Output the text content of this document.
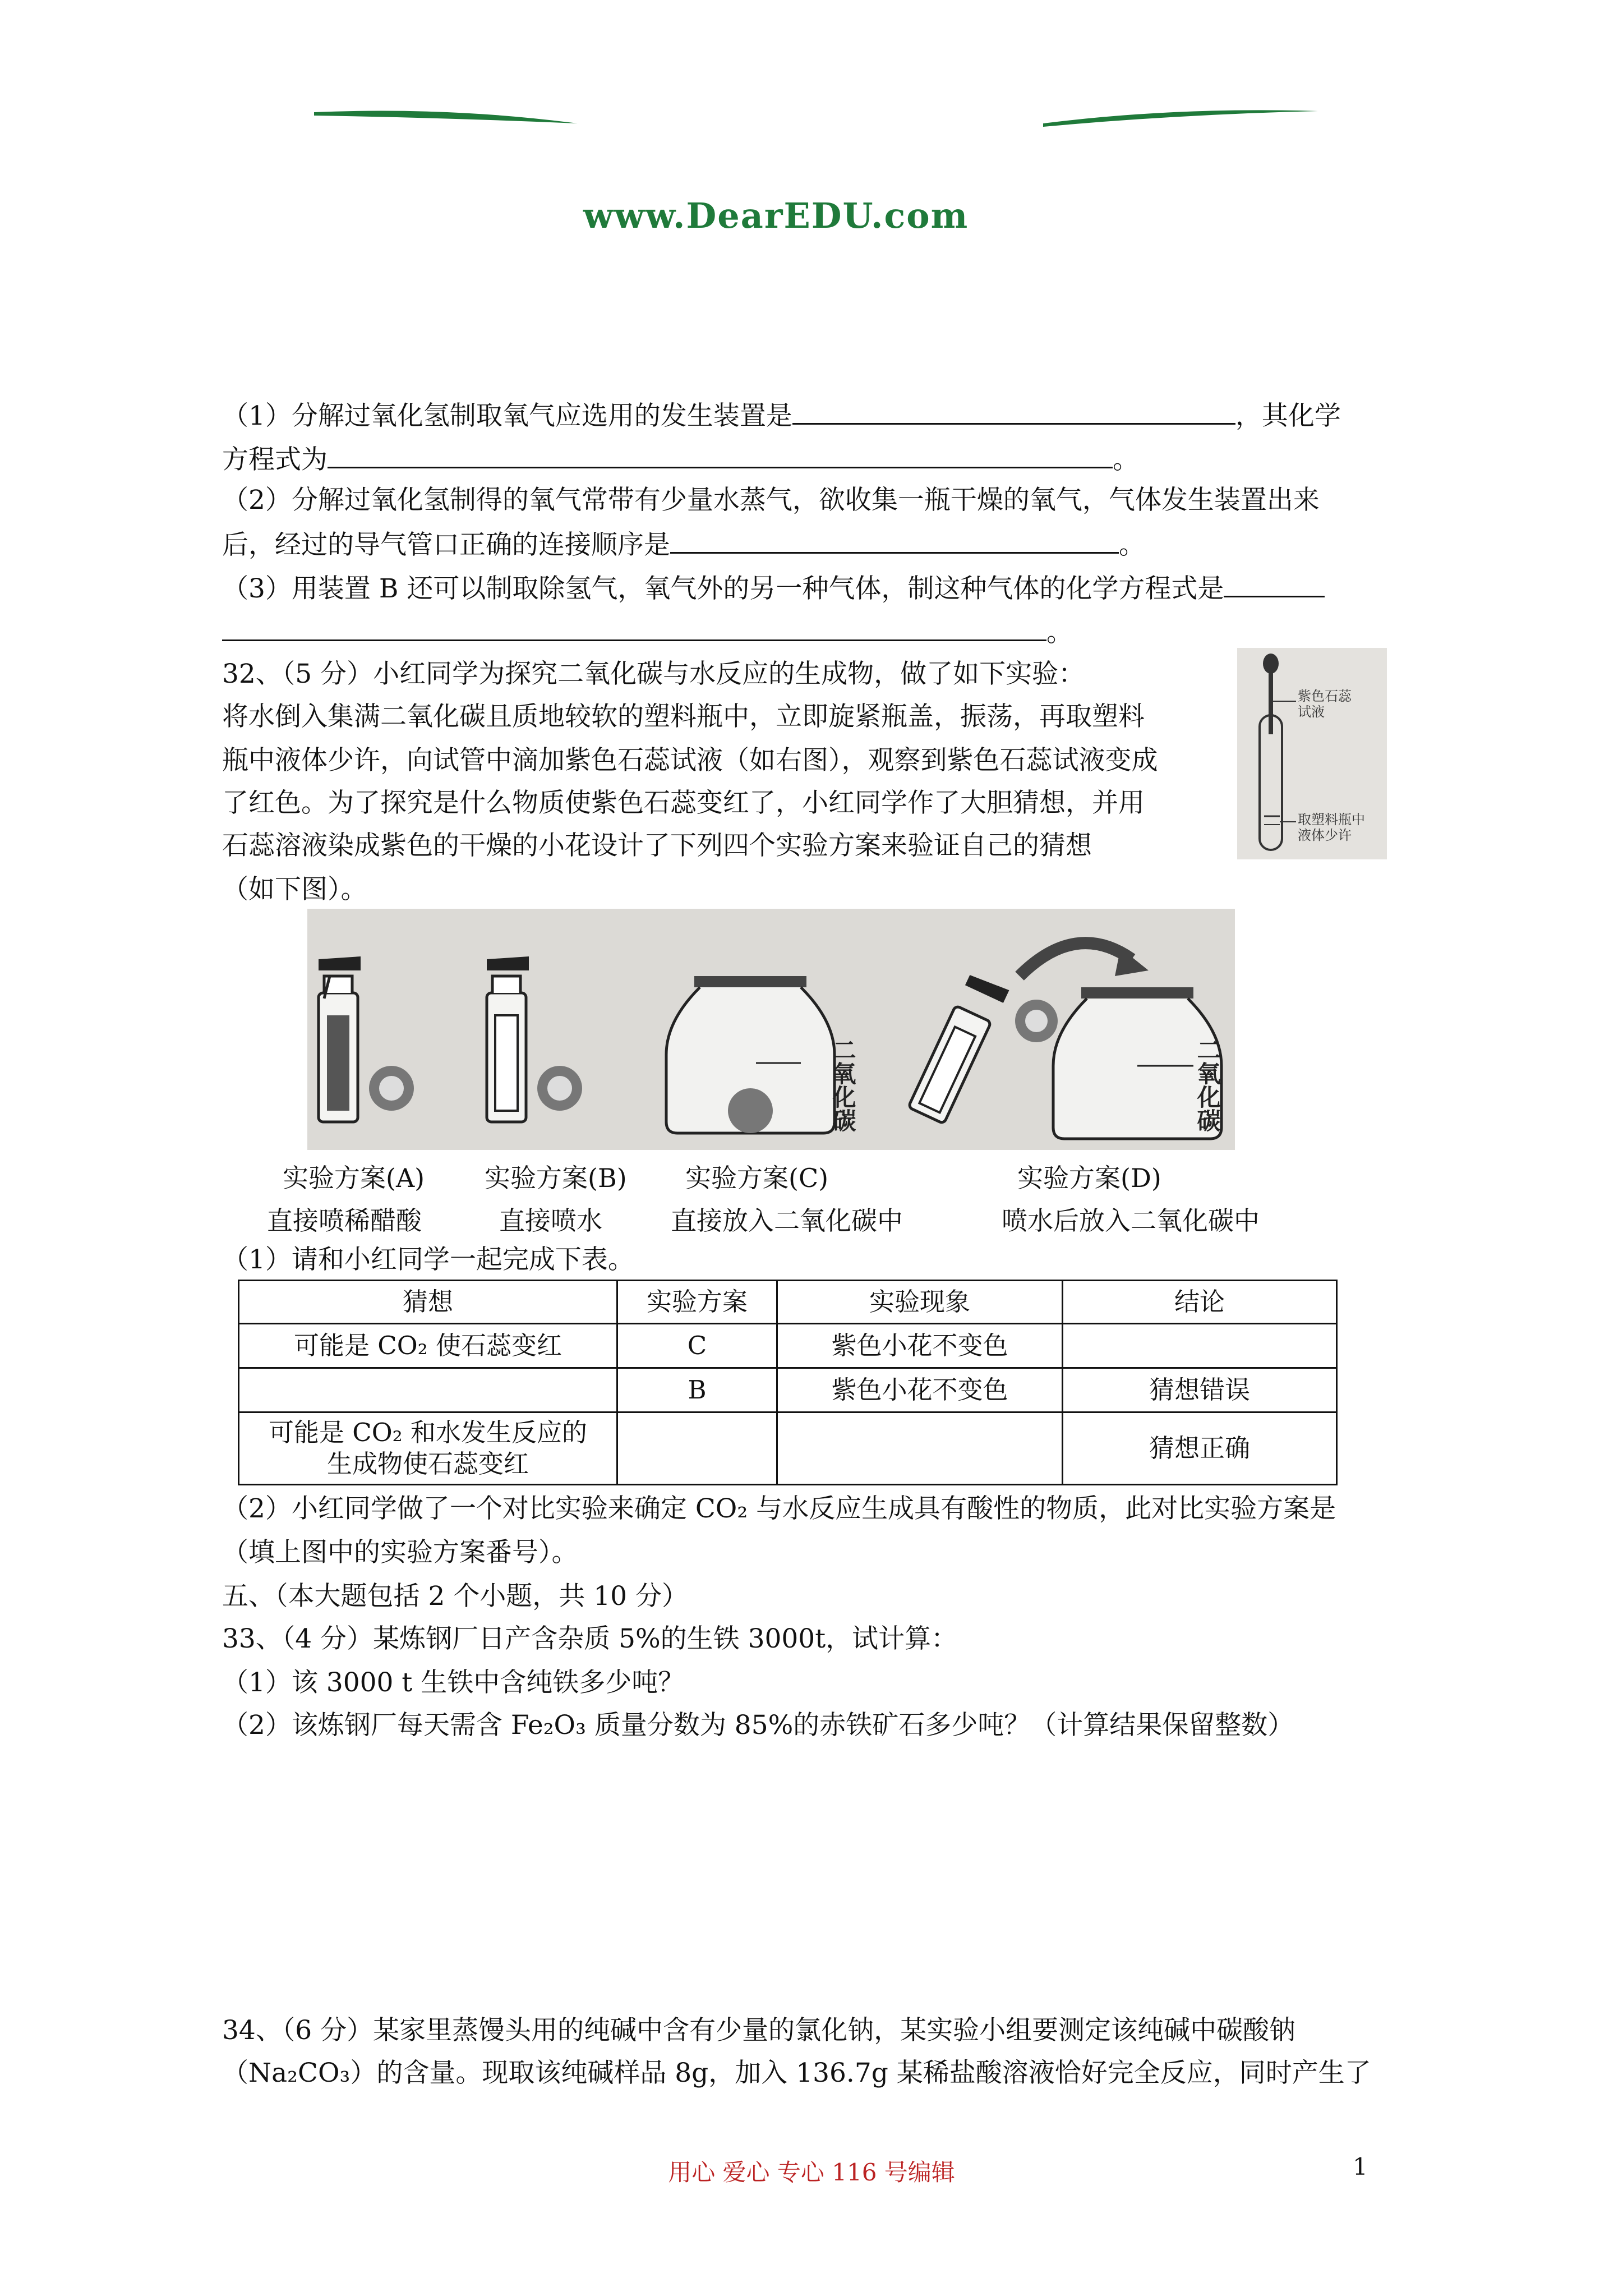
www.DearEDU.com
（1）分解过氧化氢制取氧气应选用的发生装置是	，其化学
方程式为	。
（2）分解过氧化氢制得的氧气常带有少量水蒸气，欲收集一瓶干燥的氧气，气体发生装置出来
后，经过的导气管口正确的连接顺序是	。
（3）用装置 B 还可以制取除氢气，氧气外的另一种气体，制这种气体的化学方程式是
。
32、（5 分）小红同学为探究二氧化碳与水反应的生成物，做了如下实验：
将水倒入集满二氧化碳且质地较软的塑料瓶中，立即旋紧瓶盖，振荡，再取塑料
瓶中液体少许，向试管中滴加紫色石蕊试液（如右图），观察到紫色石蕊试液变成
了红色。为了探究是什么物质使紫色石蕊变红了，小红同学作了大胆猜想，并用
石蕊溶液染成紫色的干燥的小花设计了下列四个实验方案来验证自己的猜想
（如下图）。
紫色石蕊
试液
取塑料瓶中
液体少许
二氧化碳	二氧化碳
实验方案(A) 实验方案(B) 实验方案(C)	实验方案(D)
直接喷稀醋酸	直接喷水	直接放入二氧化碳中	喷水后放入二氧化碳中
（1）请和小红同学一起完成下表。
猜想	实验方案	实验现象	结论
可能是 CO₂ 使石蕊变红	C	紫色小花不变色	
	B	紫色小花不变色	猜想错误
可能是 CO₂ 和水发生反应的生成物使石蕊变红			猜想正确
（2）小红同学做了一个对比实验来确定 CO₂ 与水反应生成具有酸性的物质，此对比实验方案是
（填上图中的实验方案番号）。
五、（本大题包括 2 个小题，共 10 分）
33、（4 分）某炼钢厂日产含杂质 5%的生铁 3000t，试计算：
（1）该 3000 t 生铁中含纯铁多少吨？
（2）该炼钢厂每天需含 Fe₂O₃ 质量分数为 85%的赤铁矿石多少吨？（计算结果保留整数）
34、（6 分）某家里蒸馒头用的纯碱中含有少量的氯化钠，某实验小组要测定该纯碱中碳酸钠
（Na₂CO₃）的含量。现取该纯碱样品 8g，加入 136.7g 某稀盐酸溶液恰好完全反应，同时产生了
用心 爱心 专心 116 号编辑	1
